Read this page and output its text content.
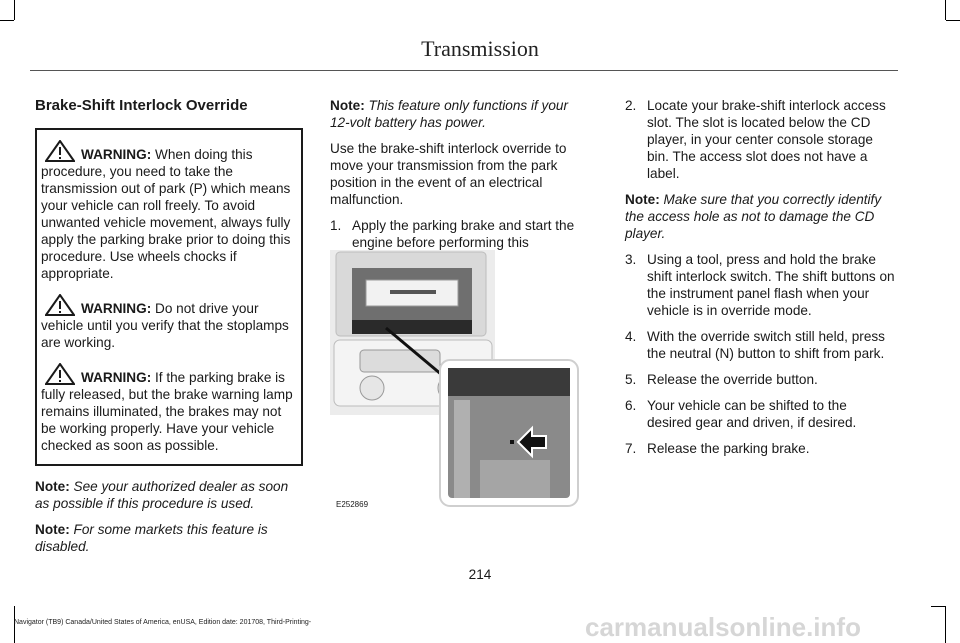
Transmission
Brake-Shift Interlock Override
WARNING: When doing this procedure, you need to take the transmission out of park (P) which means your vehicle can roll freely. To avoid unwanted vehicle movement, always fully apply the parking brake prior to doing this procedure. Use wheels chocks if appropriate.
WARNING: Do not drive your vehicle until you verify that the stoplamps are working.
WARNING: If the parking brake is fully released, but the brake warning lamp remains illuminated, the brakes may not be working properly. Have your vehicle checked as soon as possible.

Note: See your authorized dealer as soon as possible if this procedure is used.

Note: For some markets this feature is disabled.

Note: This feature only functions if your 12-volt battery has power.

Use the brake-shift interlock override to move your transmission from the park position in the event of an electrical malfunction.

1. Apply the parking brake and start the engine before performing this
E252869
2. Locate your brake-shift interlock access slot. The slot is located below the CD player, in your center console storage bin. The access slot does not have a label.

Note: Make sure that you correctly identify the access hole as not to damage the CD player.

3. Using a tool, press and hold the brake shift interlock switch. The shift buttons on the instrument panel flash when your vehicle is in override mode.
4. With the override switch still held, press the neutral (N) button to shift from park.
5. Release the override button.
6. Your vehicle can be shifted to the desired gear and driven, if desired.
7. Release the parking brake.
214
Navigator (TB9) Canada/United States of America, enUSA, Edition date: 201708, Third-Printing-	carmanualsonline.info
